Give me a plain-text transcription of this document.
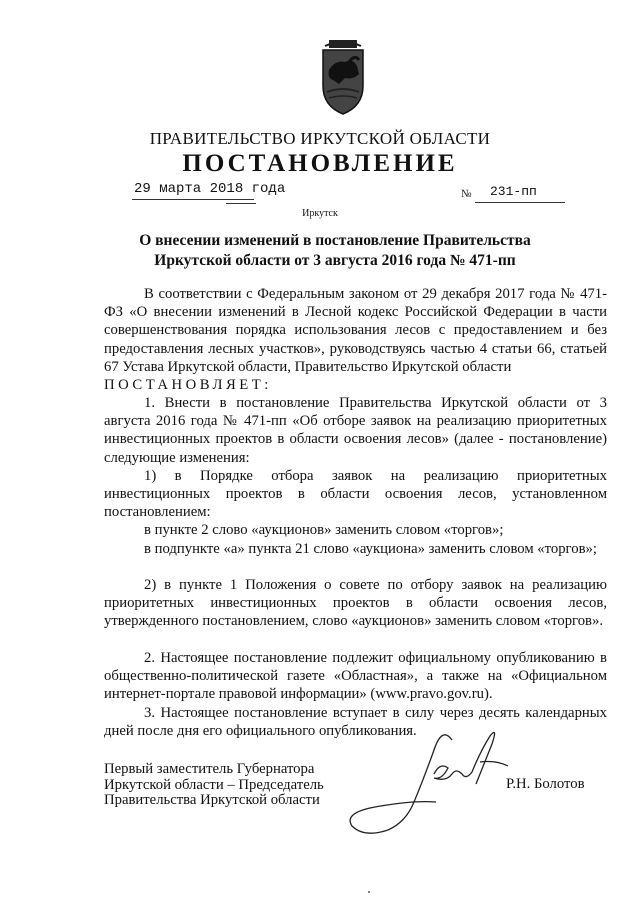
ПРАВИТЕЛЬСТВО ИРКУТСКОЙ ОБЛАСТИ
ПОСТАНОВЛЕНИЕ
29 марта 2018 года	№ 231-пп
Иркутск
О внесении изменений в постановление Правительства Иркутской области от 3 августа 2016 года № 471-пп
В соответствии с Федеральным законом от 29 декабря 2017 года № 471-ФЗ «О внесении изменений в Лесной кодекс Российской Федерации в части совершенствования порядка использования лесов с предоставлением и без предоставления лесных участков», руководствуясь частью 4 статьи 66, статьей 67 Устава Иркутской области, Правительство Иркутской области
ПОСТАНОВЛЯЕТ:
1. Внести в постановление Правительства Иркутской области от 3 августа 2016 года № 471-пп «Об отборе заявок на реализацию приоритетных инвестиционных проектов в области освоения лесов» (далее - постановление) следующие изменения:
1) в Порядке отбора заявок на реализацию приоритетных инвестиционных проектов в области освоения лесов, установленном постановлением:
в пункте 2 слово «аукционов» заменить словом «торгов»;
в подпункте «а» пункта 21 слово «аукциона» заменить словом «торгов»;
2) в пункте 1 Положения о совете по отбору заявок на реализацию приоритетных инвестиционных проектов в области освоения лесов, утвержденного постановлением, слово «аукционов» заменить словом «торгов».
2. Настоящее постановление подлежит официальному опубликованию в общественно-политической газете «Областная», а также на «Официальном интернет-портале правовой информации» (www.pravo.gov.ru).
3. Настоящее постановление вступает в силу через десять календарных дней после дня его официального опубликования.
Первый заместитель Губернатора
Иркутской области – Председатель
Правительства Иркутской области
Р.Н. Болотов
